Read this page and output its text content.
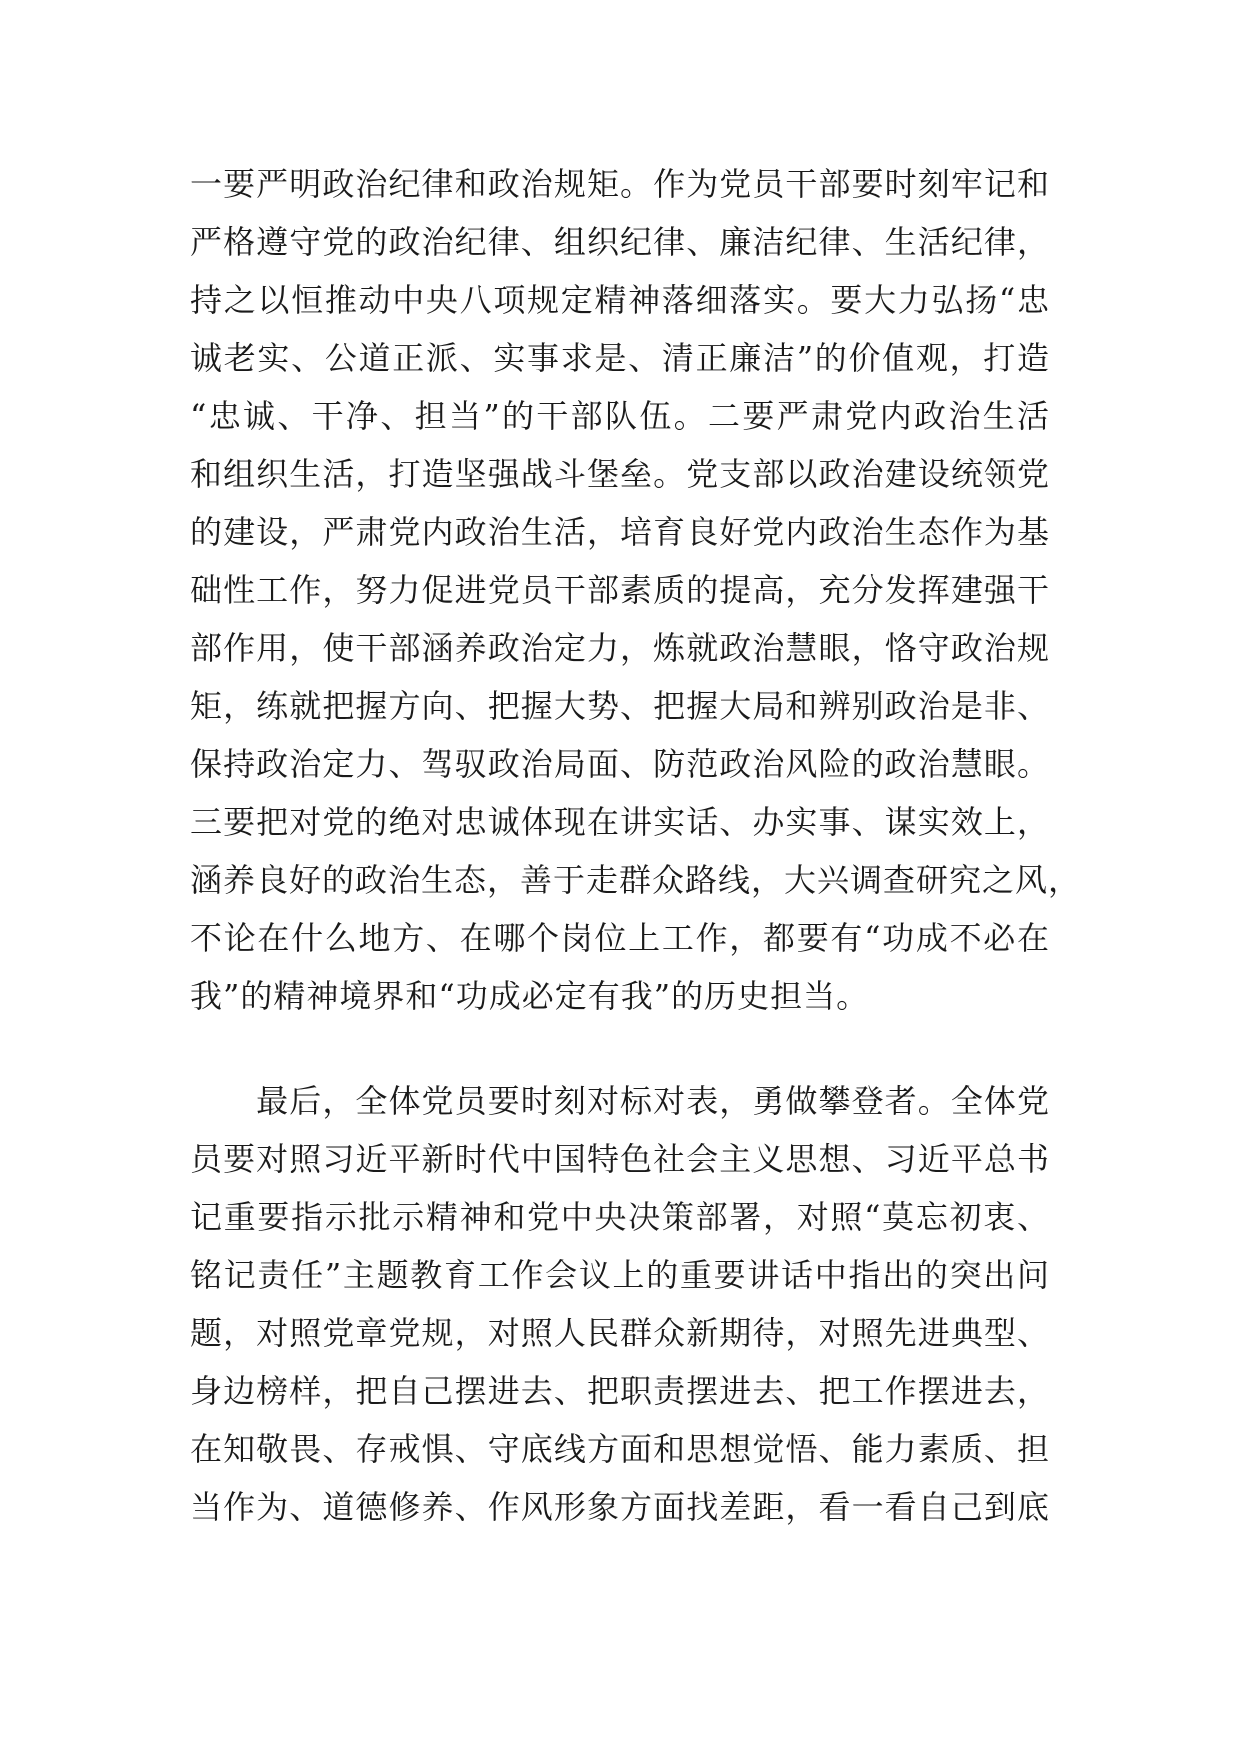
一要严明政治纪律和政治规矩。作为党员干部要时刻牢记和
严格遵守党的政治纪律、组织纪律、廉洁纪律、生活纪律，
持之以恒推动中央八项规定精神落细落实。要大力弘扬“忠
诚老实、公道正派、实事求是、清正廉洁”的价值观，打造
“忠诚、干净、担当”的干部队伍。二要严肃党内政治生活
和组织生活，打造坚强战斗堡垒。党支部以政治建设统领党
的建设，严肃党内政治生活，培育良好党内政治生态作为基
础性工作，努力促进党员干部素质的提高，充分发挥建强干
部作用，使干部涵养政治定力，炼就政治慧眼，恪守政治规
矩，练就把握方向、把握大势、把握大局和辨别政治是非、
保持政治定力、驾驭政治局面、防范政治风险的政治慧眼。
三要把对党的绝对忠诚体现在讲实话、办实事、谋实效上，
涵养良好的政治生态，善于走群众路线，大兴调查研究之风，
不论在什么地方、在哪个岗位上工作，都要有“功成不必在
我”的精神境界和“功成必定有我”的历史担当。
　　最后，全体党员要时刻对标对表，勇做攀登者。全体党
员要对照习近平新时代中国特色社会主义思想、习近平总书
记重要指示批示精神和党中央决策部署，对照“莫忘初衷、
铭记责任”主题教育工作会议上的重要讲话中指出的突出问
题，对照党章党规，对照人民群众新期待，对照先进典型、
身边榜样，把自己摆进去、把职责摆进去、把工作摆进去，
在知敬畏、存戒惧、守底线方面和思想觉悟、能力素质、担
当作为、道德修养、作风形象方面找差距，看一看自己到底
